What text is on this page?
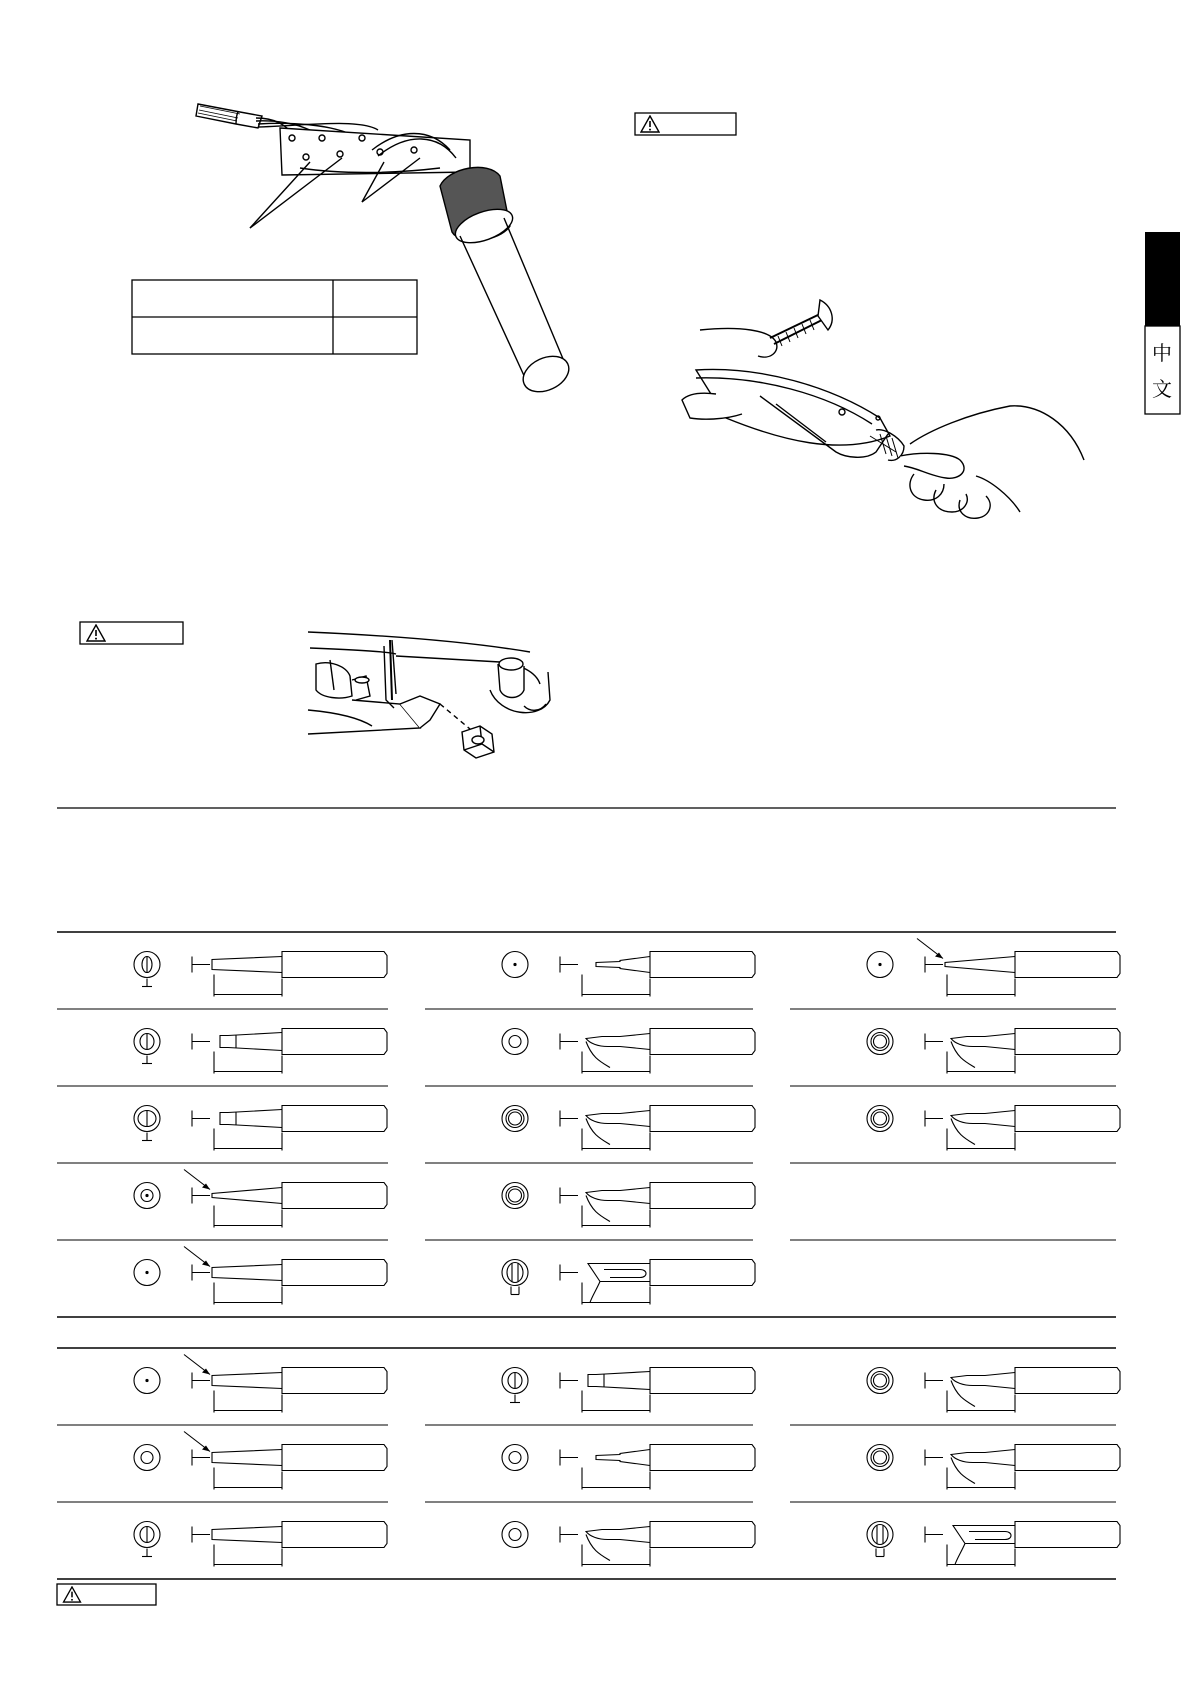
中
文
